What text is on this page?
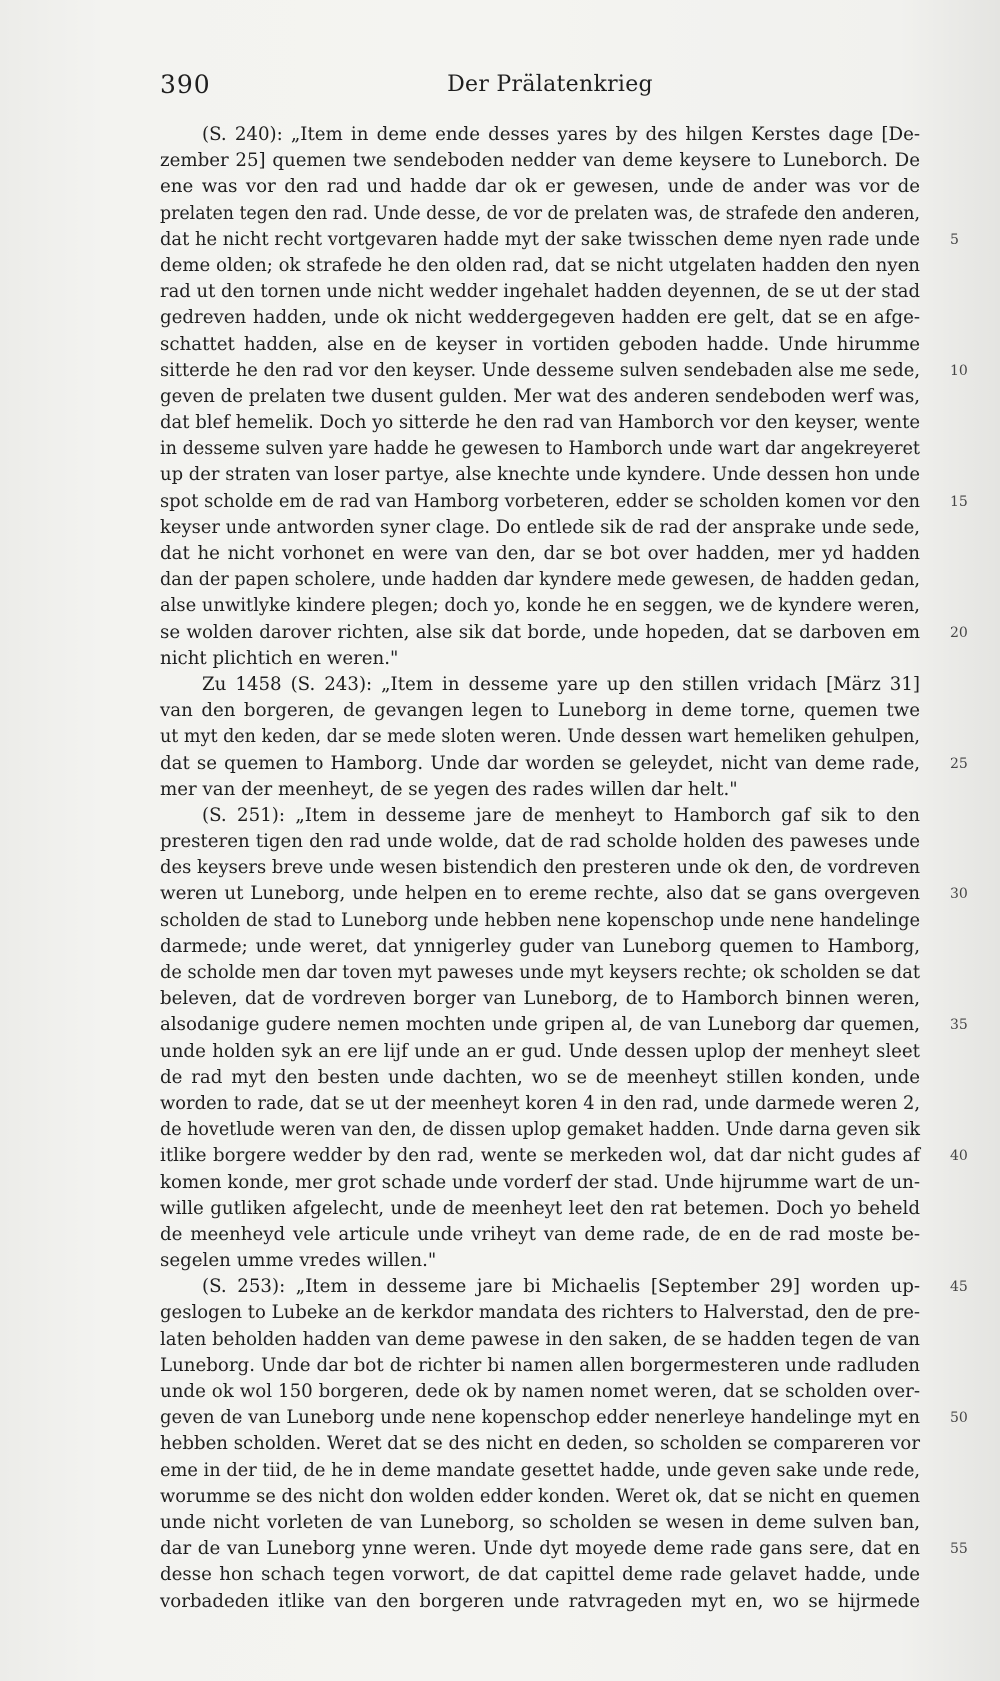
390	Der Prälatenkrieg
(S. 240): „Item in deme ende desses yares by des hilgen Kerstes dage [De-
zember 25] quemen twe sendeboden nedder van deme keysere to Luneborch. De
ene was vor den rad und hadde dar ok er gewesen, unde de ander was vor de
prelaten tegen den rad. Unde desse, de vor de prelaten was, de strafede den anderen,
dat he nicht recht vortgevaren hadde myt der sake twisschen deme nyen rade unde 5
deme olden; ok strafede he den olden rad, dat se nicht utgelaten hadden den nyen
rad ut den tornen unde nicht wedder ingehalet hadden deyennen, de se ut der stad
gedreven hadden, unde ok nicht weddergegeven hadden ere gelt, dat se en afge-
schattet hadden, alse en de keyser in vortiden geboden hadde. Unde hirumme
sitterde he den rad vor den keyser. Unde desseme sulven sendebaden alse me sede, 10
geven de prelaten twe dusent gulden. Mer wat des anderen sendeboden werf was,
dat blef hemelik. Doch yo sitterde he den rad van Hamborch vor den keyser, wente
in desseme sulven yare hadde he gewesen to Hamborch unde wart dar angekreyeret
up der straten van loser partye, alse knechte unde kyndere. Unde dessen hon unde
spot scholde em de rad van Hamborg vorbeteren, edder se scholden komen vor den 15
keyser unde antworden syner clage. Do entlede sik de rad der ansprake unde sede,
dat he nicht vorhonet en were van den, dar se bot over hadden, mer yd hadden
dan der papen scholere, unde hadden dar kyndere mede gewesen, de hadden gedan,
alse unwitlyke kindere plegen; doch yo, konde he en seggen, we de kyndere weren,
se wolden darover richten, alse sik dat borde, unde hopeden, dat se darboven em 20
nicht plichtich en weren."
Zu 1458 (S. 243): „Item in desseme yare up den stillen vridach [März 31]
van den borgeren, de gevangen legen to Luneborg in deme torne, quemen twe
ut myt den keden, dar se mede sloten weren. Unde dessen wart hemeliken gehulpen,
dat se quemen to Hamborg. Unde dar worden se geleydet, nicht van deme rade, 25
mer van der meenheyt, de se yegen des rades willen dar helt."
(S. 251): „Item in desseme jare de menheyt to Hamborch gaf sik to den
presteren tigen den rad unde wolde, dat de rad scholde holden des paweses unde
des keysers breve unde wesen bistendich den presteren unde ok den, de vordreven
weren ut Luneborg, unde helpen en to ereme rechte, also dat se gans overgeven 30
scholden de stad to Luneborg unde hebben nene kopenschop unde nene handelinge
darmede; unde weret, dat ynnigerley guder van Luneborg quemen to Hamborg,
de scholde men dar toven myt paweses unde myt keysers rechte; ok scholden se dat
beleven, dat de vordreven borger van Luneborg, de to Hamborch binnen weren,
alsodanige gudere nemen mochten unde gripen al, de van Luneborg dar quemen, 35
unde holden syk an ere lijf unde an er gud. Unde dessen uplop der menheyt sleet
de rad myt den besten unde dachten, wo se de meenheyt stillen konden, unde
worden to rade, dat se ut der meenheyt koren 4 in den rad, unde darmede weren 2,
de hovetlude weren van den, de dissen uplop gemaket hadden. Unde darna geven sik
itlike borgere wedder by den rad, wente se merkeden wol, dat dar nicht gudes af 40
komen konde, mer grot schade unde vorderf der stad. Unde hijrumme wart de un-
wille gutliken afgelecht, unde de meenheyt leet den rat betemen. Doch yo beheld
de meenheyd vele articule unde vriheyt van deme rade, de en de rad moste be-
segelen umme vredes willen."
(S. 253): „Item in desseme jare bi Michaelis [September 29] worden up- 45
geslogen to Lubeke an de kerkdor mandata des richters to Halverstad, den de pre-
laten beholden hadden van deme pawese in den saken, de se hadden tegen de van
Luneborg. Unde dar bot de richter bi namen allen borgermesteren unde radluden
unde ok wol 150 borgeren, dede ok by namen nomet weren, dat se scholden over-
geven de van Luneborg unde nene kopenschop edder nenerleye handelinge myt en 50
hebben scholden. Weret dat se des nicht en deden, so scholden se compareren vor
eme in der tiid, de he in deme mandate gesettet hadde, unde geven sake unde rede,
worumme se des nicht don wolden edder konden. Weret ok, dat se nicht en quemen
unde nicht vorleten de van Luneborg, so scholden se wesen in deme sulven ban,
dar de van Luneborg ynne weren. Unde dyt moyede deme rade gans sere, dat en 55
desse hon schach tegen vorwort, de dat capittel deme rade gelavet hadde, unde
vorbadeden itlike van den borgeren unde ratvrageden myt en, wo se hijrmede
